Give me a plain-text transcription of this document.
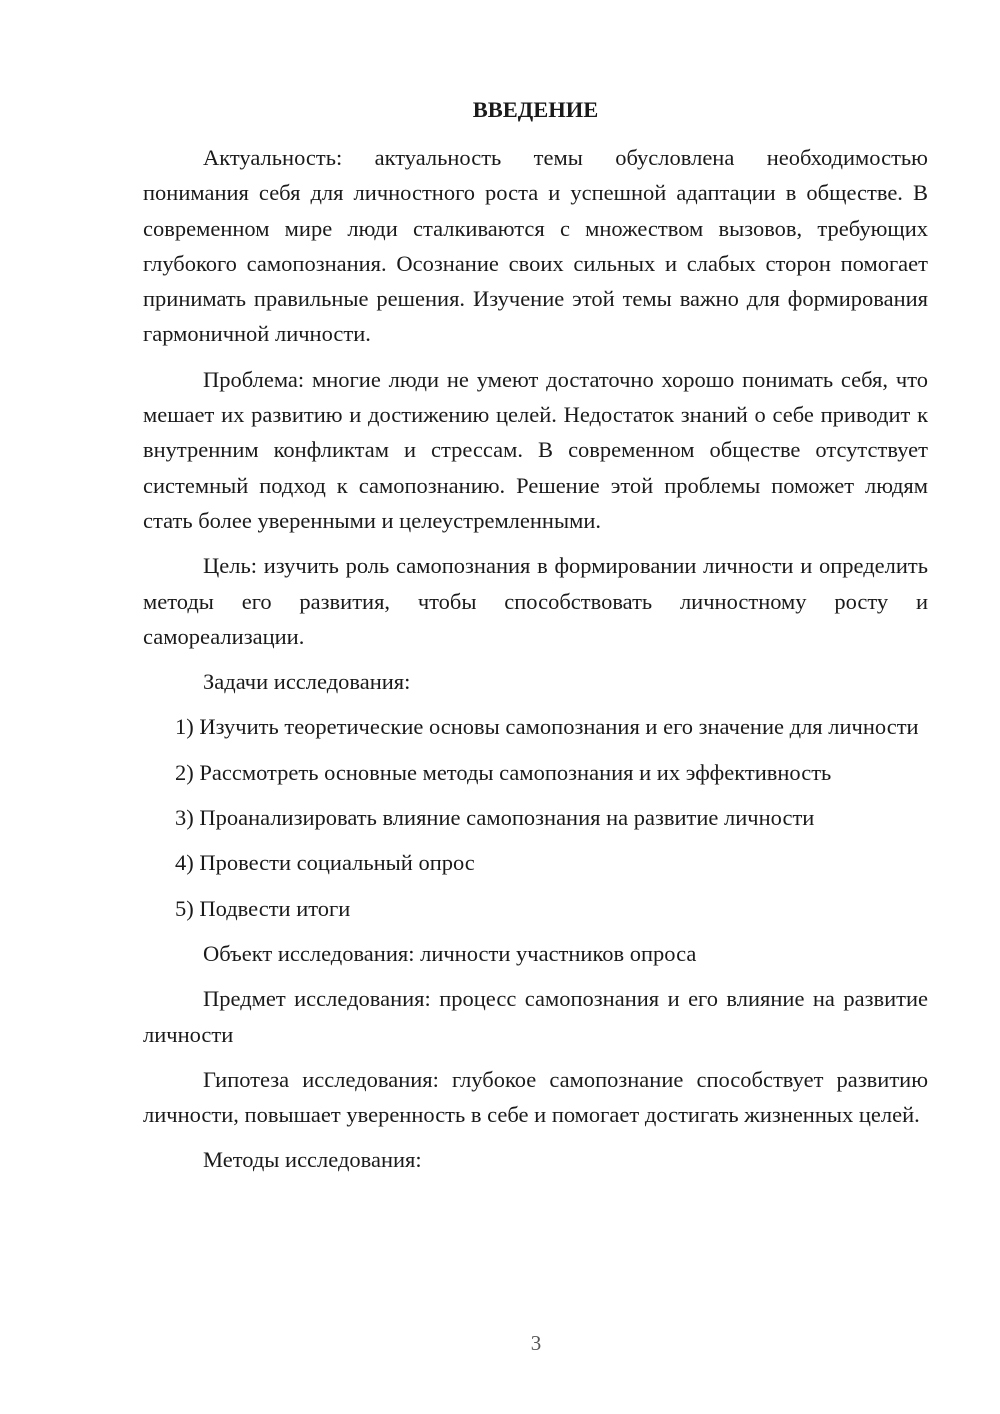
ВВЕДЕНИЕ

Актуальность: актуальность темы обусловлена необходимостью понимания себя для личностного роста и успешной адаптации в обществе. В современном мире люди сталкиваются с множеством вызовов, требующих глубокого самопознания. Осознание своих сильных и слабых сторон помогает принимать правильные решения. Изучение этой темы важно для формирования гармоничной личности.

Проблема: многие люди не умеют достаточно хорошо понимать себя, что мешает их развитию и достижению целей. Недостаток знаний о себе приводит к внутренним конфликтам и стрессам. В современном обществе отсутствует системный подход к самопознанию. Решение этой проблемы поможет людям стать более уверенными и целеустремленными.

Цель: изучить роль самопознания в формировании личности и определить методы его развития, чтобы способствовать личностному росту и самореализации.

Задачи исследования:

1) Изучить теоретические основы самопознания и его значение для личности
2) Рассмотреть основные методы самопознания и их эффективность
3) Проанализировать влияние самопознания на развитие личности
4) Провести социальный опрос
5) Подвести итоги

Объект исследования: личности участников опроса

Предмет исследования: процесс самопознания и его влияние на развитие личности

Гипотеза исследования: глубокое самопознание способствует развитию личности, повышает уверенность в себе и помогает достигать жизненных целей.

Методы исследования:

3
